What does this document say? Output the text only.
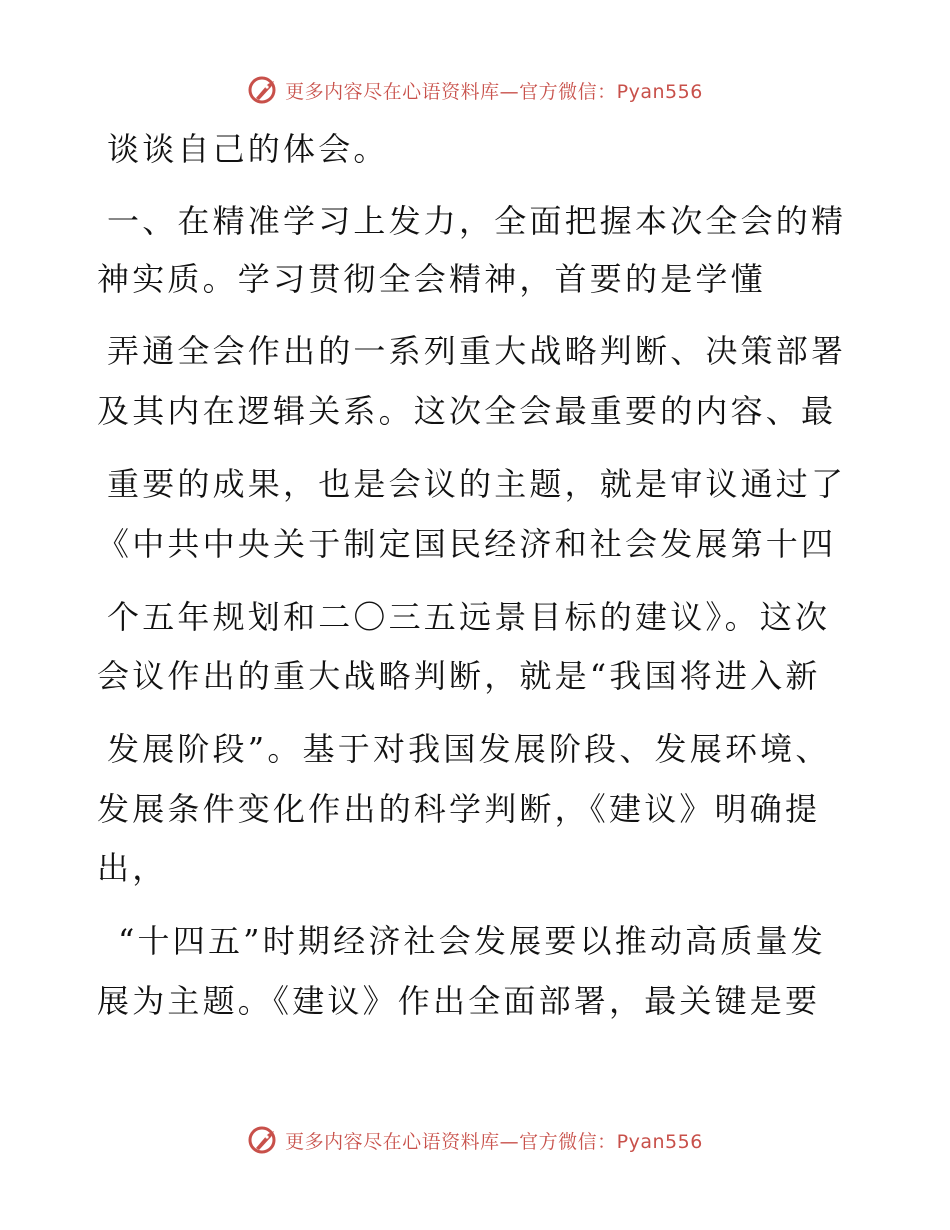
更多内容尽在心语资料库—官方微信：Pyan556
谈谈自己的体会。
一、在精准学习上发力，全面把握本次全会的精
神实质。学习贯彻全会精神，首要的是学懂
弄通全会作出的一系列重大战略判断、决策部署
及其内在逻辑关系。这次全会最重要的内容、最
重要的成果，也是会议的主题，就是审议通过了
《中共中央关于制定国民经济和社会发展第十四
个五年规划和二〇三五远景目标的建议》。这次
会议作出的重大战略判断，就是“我国将进入新
发展阶段”。基于对我国发展阶段、发展环境、
发展条件变化作出的科学判断，《建议》明确提
出，
“十四五”时期经济社会发展要以推动高质量发
展为主题。《建议》作出全面部署，最关键是要
更多内容尽在心语资料库—官方微信：Pyan556
